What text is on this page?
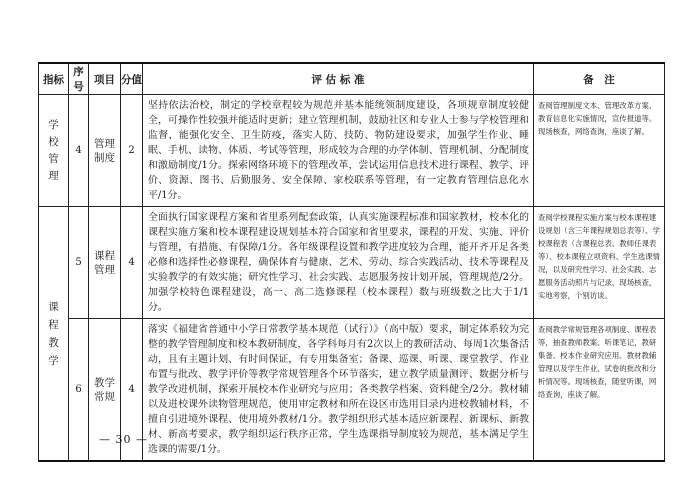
指标	序号	项目	分值	评 估 标 准	备　注
学校管理	4	管理制度	2	坚持依法治校，制定的学校章程较为规范并基本能统领制度建设，各项规章制度较健全，可操作性较强并能适时更新；建立管理机制，鼓励社区和专业人士参与学校管理和监督，能强化安全、卫生防疫，落实人防、技防、物防建设要求，加强学生作业、睡眠、手机、读物、体质、考试等管理，形成较为合理的办学体制、管理机制、分配制度和激励制度/1分。探索网络环境下的管理改革，尝试运用信息技术进行课程、教学、评价、资源、图书、后勤服务、安全保障、家校联系等管理，有一定教育管理信息化水平/1分。	查阅管理制度文本、管理改革方案、教育信息化实施情况，宣传报道等。现场核查，网络查询，座谈了解。
课程教学	5	课程管理	4	全面执行国家课程方案和省里系列配套政策，认真实施课程标准和国家教材，校本化的课程实施方案和校本课程建设规划基本符合国家和省里要求，课程的开发、实施、评价与管理，有措施、有保障/1分。各年级课程设置和教学进度较为合理，能开齐开足各类必修和选择性必修课程，确保体育与健康、艺术、劳动、综合实践活动、技术等课程及实验教学的有效实施；研究性学习、社会实践、志愿服务按计划开展，管理规范/2分。加强学校特色课程建设，高一、高二选修课程（校本课程）数与班级数之比大于1/1分。	查阅学校课程实施方案与校本课程建设规划（含三年课程规划总表等）、学校课程表（含课程总表、教师任课表等）、校本课程立项资料、学生选课情况，以及研究性学习、社会实践、志愿服务活动照片与记录，现场核查，实地考察，个别访谈。
	6	教学常规	4	落实《福建省普通中小学日常教学基本规范（试行）》（高中版）要求，制定体系较为完整的教学管理制度和校本教研制度，各学科每月有2次以上的教研活动、每周1次集备活动，且有主题计划、有时间保证，有专用集备室；备课、巡课、听课、课堂教学、作业布置与批改、教学评价等教学常规管理各个环节落实，建立教学质量测评、数据分析与教学改进机制，探索开展校本作业研究与应用；各类教学档案、资料健全/2分。教材辅以及进校课外读物管理规范，使用审定教材和所在设区市选用目录内进校教辅材料，不擅自引进境外课程、使用境外教材/1分。教学组织形式基本适应新课程、新课标、新教材、新高考要求，教学组织运行秩序正常，学生选课指导制度较为规范，基本满足学生选课的需要/1分。	查阅教学常规管理各项制度、课程表等，抽查教师教案、听课笔记，教研集备、校本作业研究应用、教材教辅管理以及学生作业、试卷的批改和分析情况等。现场核查，随堂听课，网络查询，座谈了解。
— 30 —
